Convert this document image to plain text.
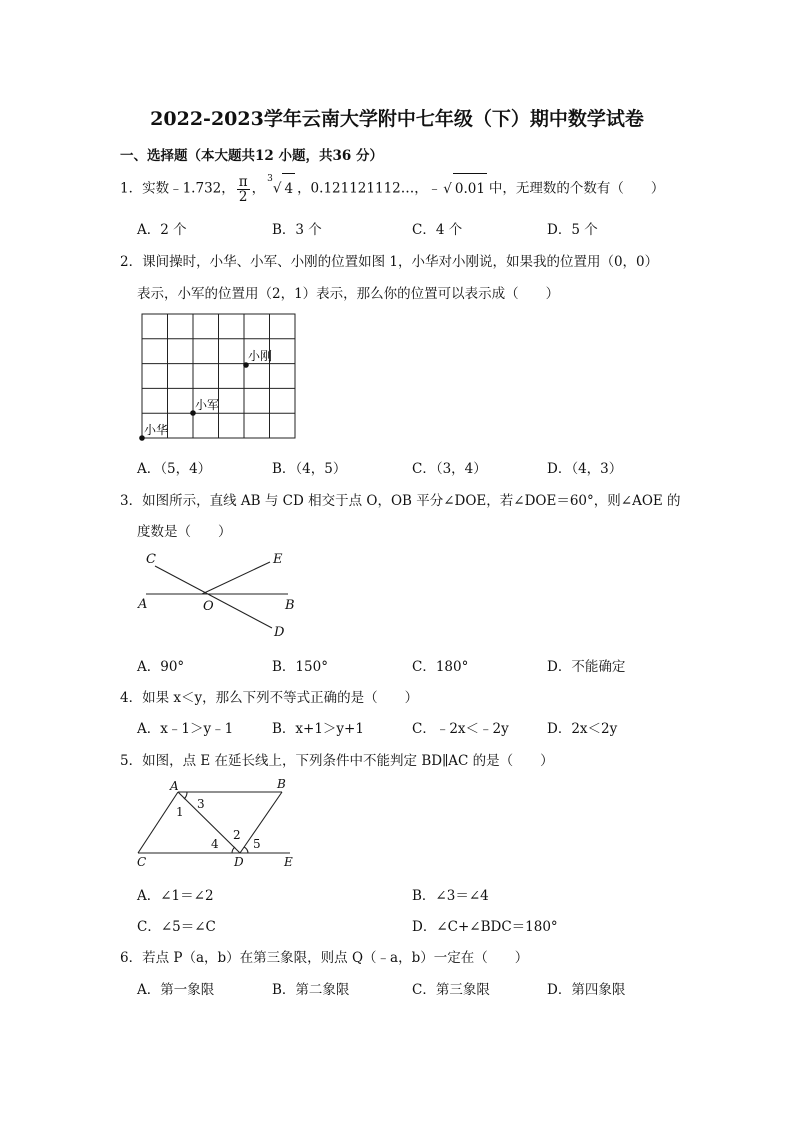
2022-2023学年云南大学附中七年级（下）期中数学试卷
一、选择题（本大题共12 小题，共36 分）
1．实数﹣1.732， $\frac{\pi}{2}$ ，$^3$√ 4 ，0.121121112…，﹣ √ 0.01 中，无理数的个数有（　　）
A．2 个	B．3 个	C．4 个	D．5 个
2．课间操时，小华、小军、小刚的位置如图 1，小华对小刚说，如果我的位置用（0，0）
表示，小军的位置用（2，1）表示，那么你的位置可以表示成（　　）
小华
小军
小刚
A．（5，4）	B．（4，5）	C．（3，4）	D．（4，3）
3．如图所示，直线 AB 与 CD 相交于点 O，OB 平分∠DOE，若∠DOE＝60°，则∠AOE 的
度数是（　　）
C	E
A	O	B
D
A．90°	B．150°	C．180°	D．不能确定
4．如果 x＜y，那么下列不等式正确的是（　　）
A．x﹣1＞y﹣1	B．x+1＞y+1	C．﹣2x＜﹣2y	D．2x＜2y
5．如图，点 E 在延长线上，下列条件中不能判定 BD∥AC 的是（　　）
A	B
C	D	E
1
3
2
4	5
A．∠1＝∠2	B．∠3＝∠4
C．∠5＝∠C	D．∠C+∠BDC＝180°
6．若点 P（a，b）在第三象限，则点 Q（﹣a，b）一定在（　　）
A．第一象限	B．第二象限	C．第三象限	D．第四象限
